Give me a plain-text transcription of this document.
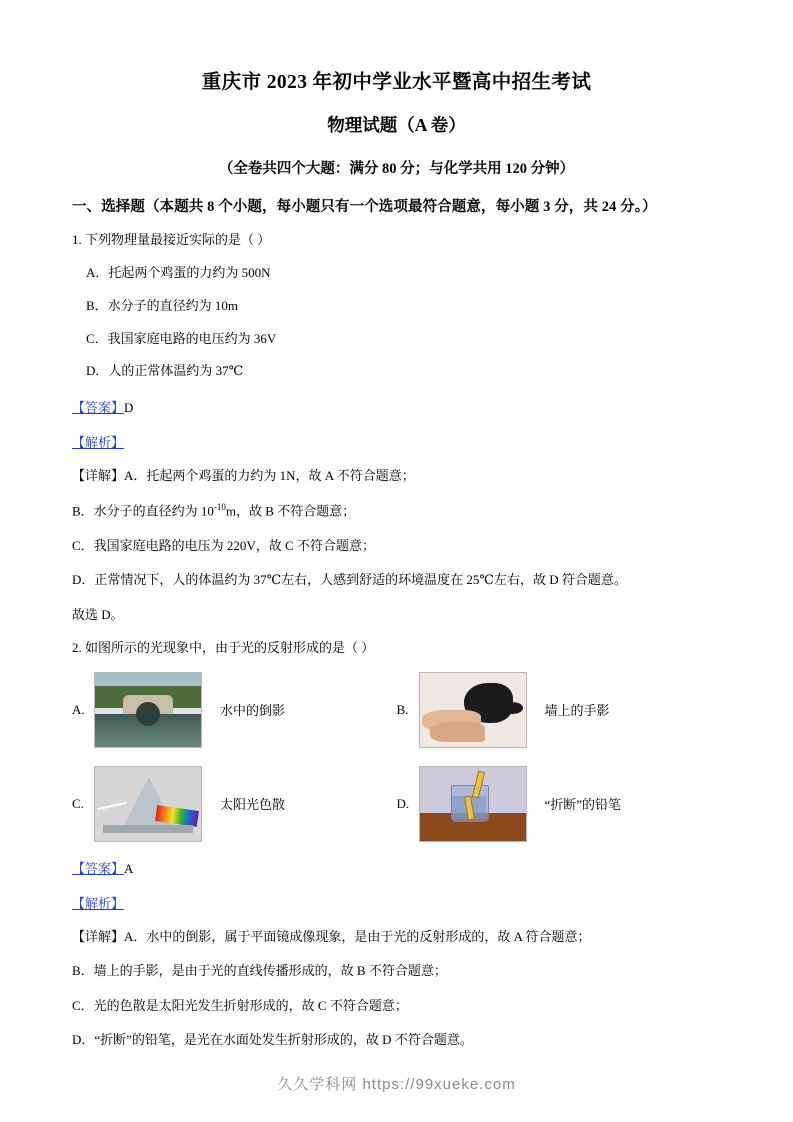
重庆市 2023 年初中学业水平暨高中招生考试
物理试题（A 卷）
（全卷共四个大题：满分 80 分；与化学共用 120 分钟）
一、选择题（本题共 8 个小题，每小题只有一个选项最符合题意，每小题 3 分，共 24 分。）
1. 下列物理量最接近实际的是（ ）
A．托起两个鸡蛋的力约为 500N
B．水分子的直径约为 10m
C．我国家庭电路的电压约为 36V
D．人的正常体温约为 37℃
【答案】D
【解析】
【详解】A．托起两个鸡蛋的力约为 1N，故 A 不符合题意；
B．水分子的直径约为 $10^{-10}m$，故 B 不符合题意；
C．我国家庭电路的电压为 220V，故 C 不符合题意；
D．正常情况下，人的体温约为 37℃左右，人感到舒适的环境温度在 25℃左右，故 D 符合题意。
故选 D。
2. 如图所示的光现象中，由于光的反射形成的是（ ）
A.	水中的倒影	B.	墙上的手影
C.	太阳光色散	D.	“折断”的铅笔
【答案】A
【解析】
【详解】A．水中的倒影，属于平面镜成像现象，是由于光的反射形成的，故 A 符合题意；
B．墙上的手影，是由于光的直线传播形成的，故 B 不符合题意；
C．光的色散是太阳光发生折射形成的，故 C 不符合题意；
D．“折断”的铅笔，是光在水面处发生折射形成的，故 D 不符合题意。
久久学科网 https://99xueke.com
